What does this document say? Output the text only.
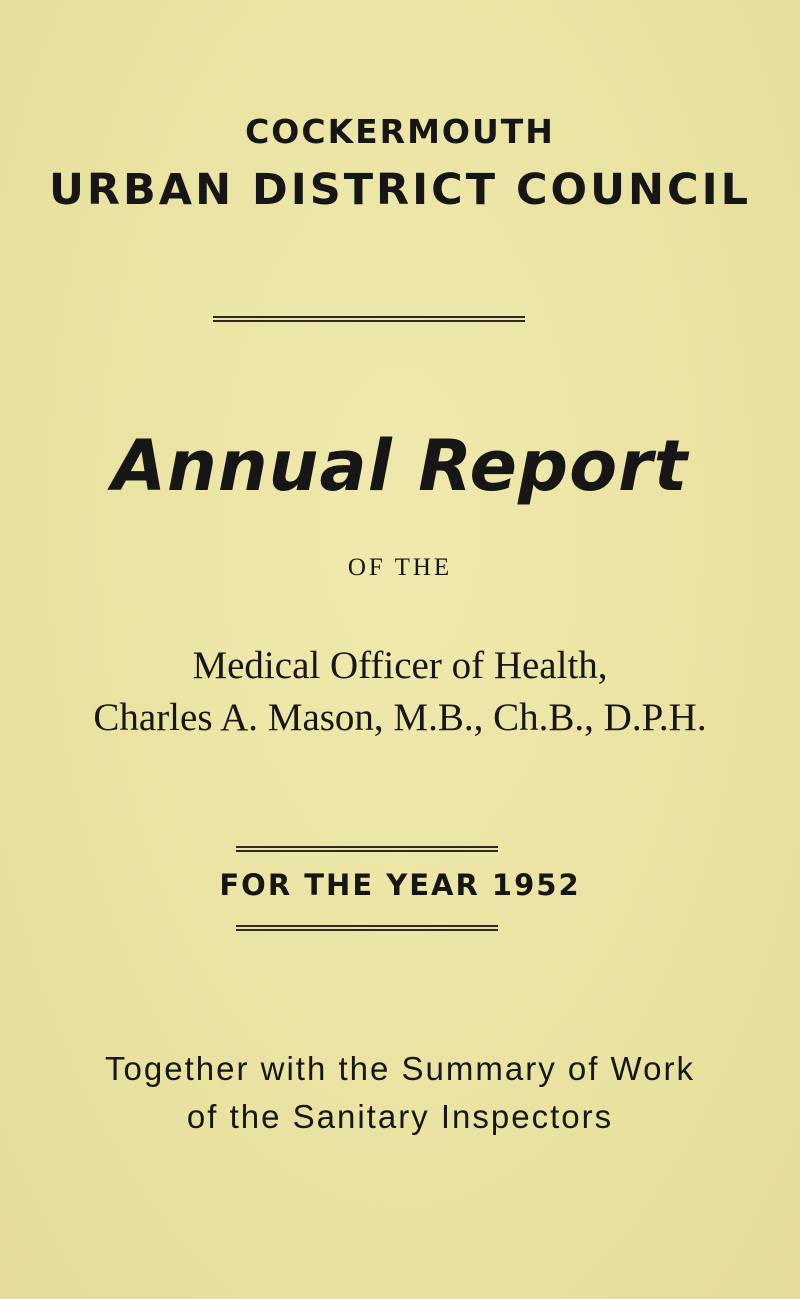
COCKERMOUTH
URBAN DISTRICT COUNCIL
Annual Report
OF THE
Medical Officer of Health,
Charles A. Mason, M.B., Ch.B., D.P.H.
FOR THE YEAR 1952
Together with the Summary of Work
of the Sanitary Inspectors
